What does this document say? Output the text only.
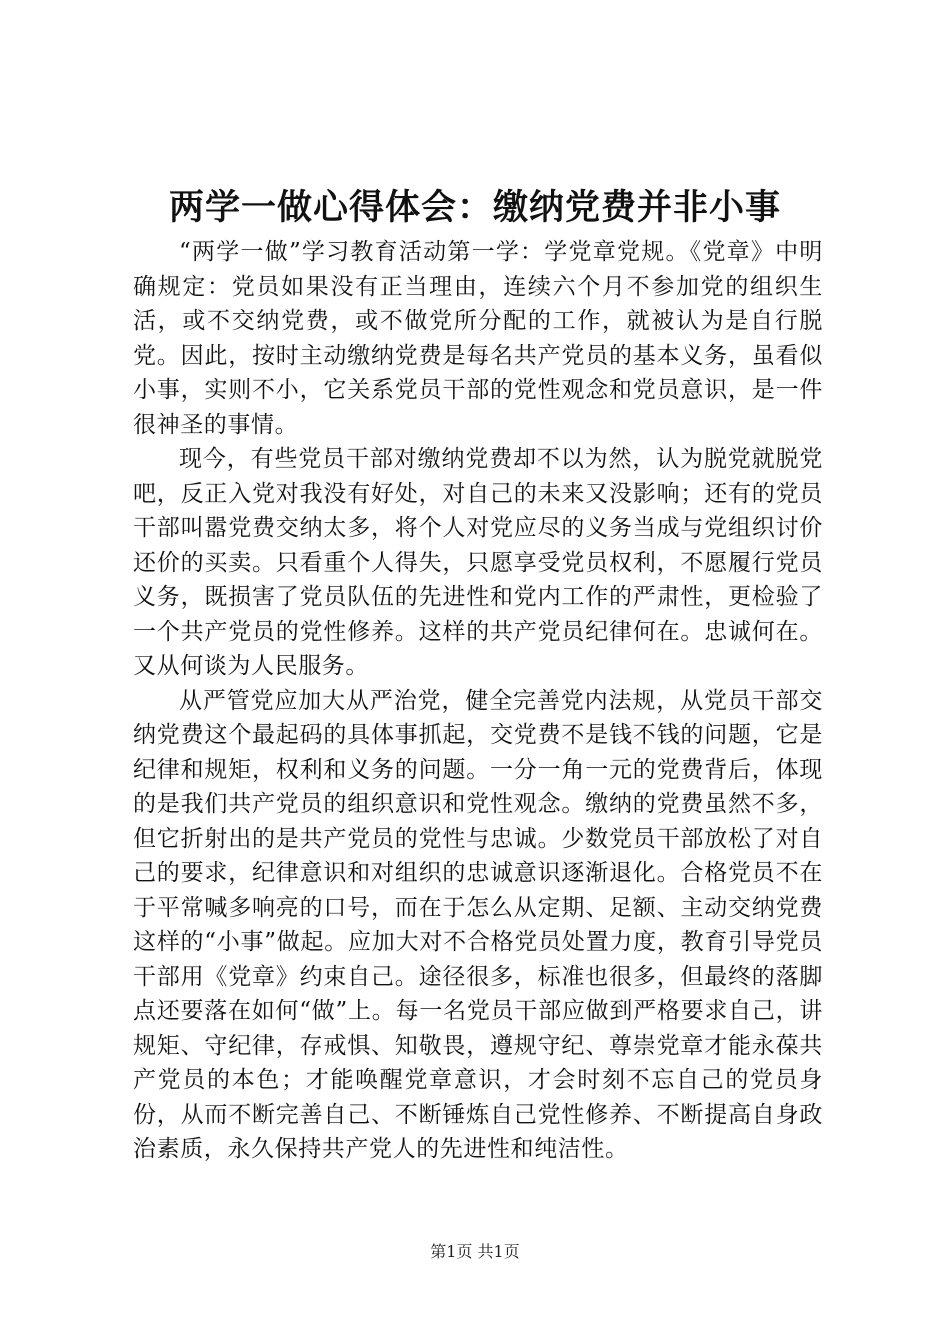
两学一做心得体会：缴纳党费并非小事

“两学一做”学习教育活动第一学：学党章党规。《党章》中明确规定：党员如果没有正当理由，连续六个月不参加党的组织生活，或不交纳党费，或不做党所分配的工作，就被认为是自行脱党。因此，按时主动缴纳党费是每名共产党员的基本义务，虽看似小事，实则不小，它关系党员干部的党性观念和党员意识，是一件很神圣的事情。

现今，有些党员干部对缴纳党费却不以为然，认为脱党就脱党吧，反正入党对我没有好处，对自己的未来又没影响；还有的党员干部叫嚣党费交纳太多，将个人对党应尽的义务当成与党组织讨价还价的买卖。只看重个人得失，只愿享受党员权利，不愿履行党员义务，既损害了党员队伍的先进性和党内工作的严肃性，更检验了一个共产党员的党性修养。这样的共产党员纪律何在。忠诚何在。又从何谈为人民服务。

从严管党应加大从严治党，健全完善党内法规，从党员干部交纳党费这个最起码的具体事抓起，交党费不是钱不钱的问题，它是纪律和规矩，权利和义务的问题。一分一角一元的党费背后，体现的是我们共产党员的组织意识和党性观念。缴纳的党费虽然不多，但它折射出的是共产党员的党性与忠诚。少数党员干部放松了对自己的要求，纪律意识和对组织的忠诚意识逐渐退化。合格党员不在于平常喊多响亮的口号，而在于怎么从定期、足额、主动交纳党费这样的“小事”做起。应加大对不合格党员处置力度，教育引导党员干部用《党章》约束自己。途径很多，标准也很多，但最终的落脚点还要落在如何“做”上。每一名党员干部应做到严格要求自己，讲规矩、守纪律，存戒惧、知敬畏，遵规守纪、尊崇党章才能永葆共产党员的本色；才能唤醒党章意识，才会时刻不忘自己的党员身份，从而不断完善自己、不断锤炼自己党性修养、不断提高自身政治素质，永久保持共产党人的先进性和纯洁性。

第1页 共1页
